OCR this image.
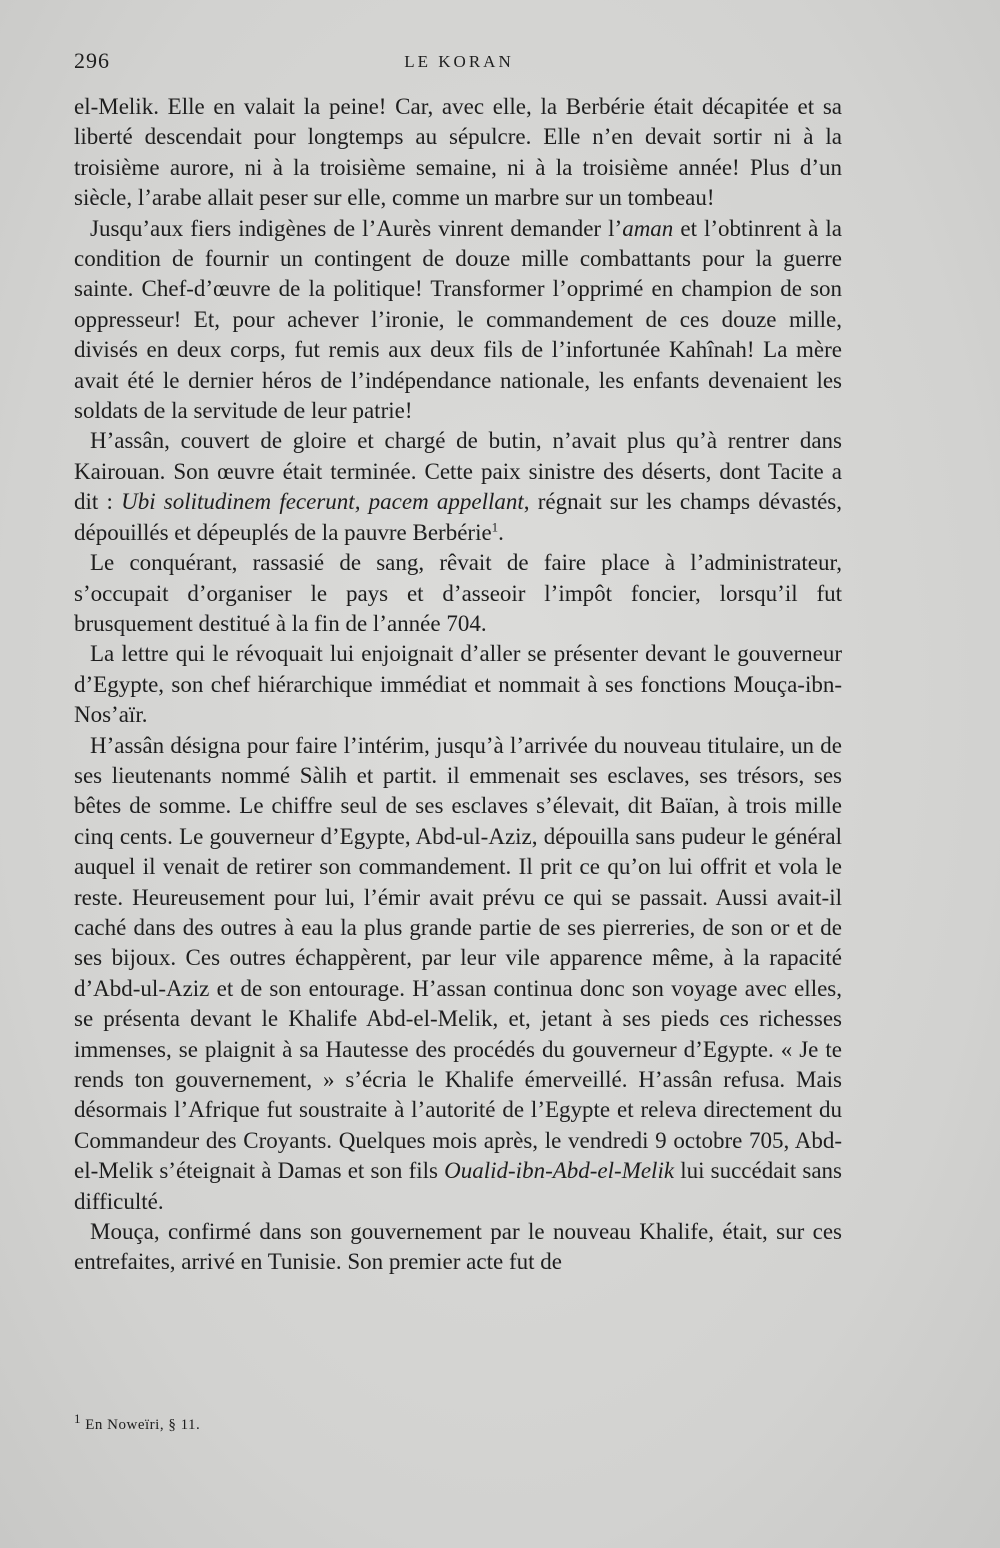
296	LE KORAN

el-Melik. Elle en valait la peine! Car, avec elle, la Berbérie était décapitée et sa liberté descendait pour longtemps au sépulcre. Elle n’en devait sortir ni à la troisième aurore, ni à la troisième semaine, ni à la troisième année! Plus d’un siècle, l’arabe allait peser sur elle, comme un marbre sur un tombeau!

Jusqu’aux fiers indigènes de l’Aurès vinrent demander l’aman et l’obtinrent à la condition de fournir un contingent de douze mille combattants pour la guerre sainte. Chef-d’œuvre de la politique! Transformer l’opprimé en champion de son oppresseur! Et, pour achever l’ironie, le commandement de ces douze mille, divisés en deux corps, fut remis aux deux fils de l’infortunée Kahînah! La mère avait été le dernier héros de l’indépendance nationale, les enfants devenaient les soldats de la servitude de leur patrie!

H’assân, couvert de gloire et chargé de butin, n’avait plus qu’à rentrer dans Kairouan. Son œuvre était terminée. Cette paix sinistre des déserts, dont Tacite a dit : Ubi solitudinem fecerunt, pacem appellant, régnait sur les champs dévastés, dépouillés et dépeuplés de la pauvre Berbérie$^1$.

Le conquérant, rassasié de sang, rêvait de faire place à l’administrateur, s’occupait d’organiser le pays et d’asseoir l’impôt foncier, lorsqu’il fut brusquement destitué à la fin de l’année 704.

La lettre qui le révoquait lui enjoignait d’aller se présenter devant le gouverneur d’Egypte, son chef hiérarchique immédiat et nommait à ses fonctions Mouça-ibn-Nos’aïr.

H’assân désigna pour faire l’intérim, jusqu’à l’arrivée du nouveau titulaire, un de ses lieutenants nommé Sàlih et partit. il emmenait ses esclaves, ses trésors, ses bêtes de somme. Le chiffre seul de ses esclaves s’élevait, dit Baïan, à trois mille cinq cents. Le gouverneur d’Egypte, Abd-ul-Aziz, dépouilla sans pudeur le général auquel il venait de retirer son commandement. Il prit ce qu’on lui offrit et vola le reste. Heureusement pour lui, l’émir avait prévu ce qui se passait. Aussi avait-il caché dans des outres à eau la plus grande partie de ses pierreries, de son or et de ses bijoux. Ces outres échappèrent, par leur vile apparence même, à la rapacité d’Abd-ul-Aziz et de son entourage. H’assan continua donc son voyage avec elles, se présenta devant le Khalife Abd-el-Melik, et, jetant à ses pieds ces richesses immenses, se plaignit à sa Hautesse des procédés du gouverneur d’Egypte. « Je te rends ton gouvernement, » s’écria le Khalife émerveillé. H’assân refusa. Mais désormais l’Afrique fut soustraite à l’autorité de l’Egypte et releva directement du Commandeur des Croyants. Quelques mois après, le vendredi 9 octobre 705, Abd-el-Melik s’éteignait à Damas et son fils Oualid-ibn-Abd-el-Melik lui succédait sans difficulté.

Mouça, confirmé dans son gouvernement par le nouveau Khalife, était, sur ces entrefaites, arrivé en Tunisie. Son premier acte fut de

$^1$ En Noweïri, § 11.
